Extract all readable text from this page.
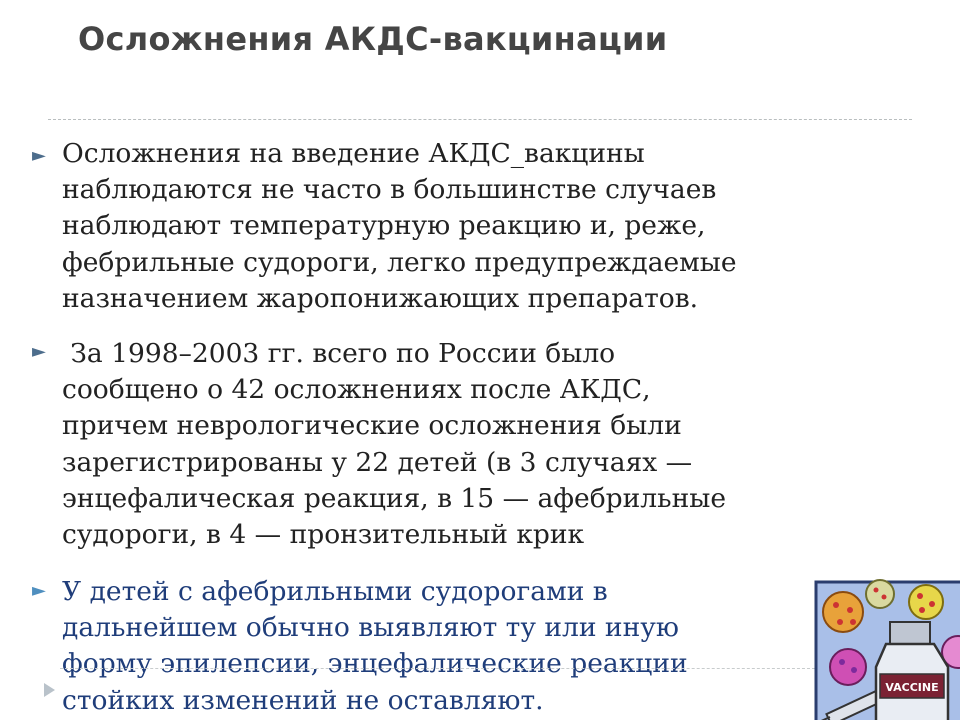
Осложнения АКДС-вакцинации
► Осложнения на введение АКДС_вакцины

наблюдаются не часто в большинстве случаев

наблюдают температурную реакцию и, реже,

фебрильные судороги, легко предупреждаемые

назначением жаропонижающих препаратов.

► За 1998–2003 гг. всего по России было

сообщено о 42 осложнениях после АКДС,

причем неврологические осложнения были

зарегистрированы у 22 детей (в 3 случаях —

энцефалическая реакция, в 15 — афебрильные

судороги, в 4 — пронзительный крик

► У детей с афебрильными судорогами в

дальнейшем обычно выявляют ту или иную

форму эпилепсии, энцефалические реакции

стойких изменений не оставляют.	VACCINE
